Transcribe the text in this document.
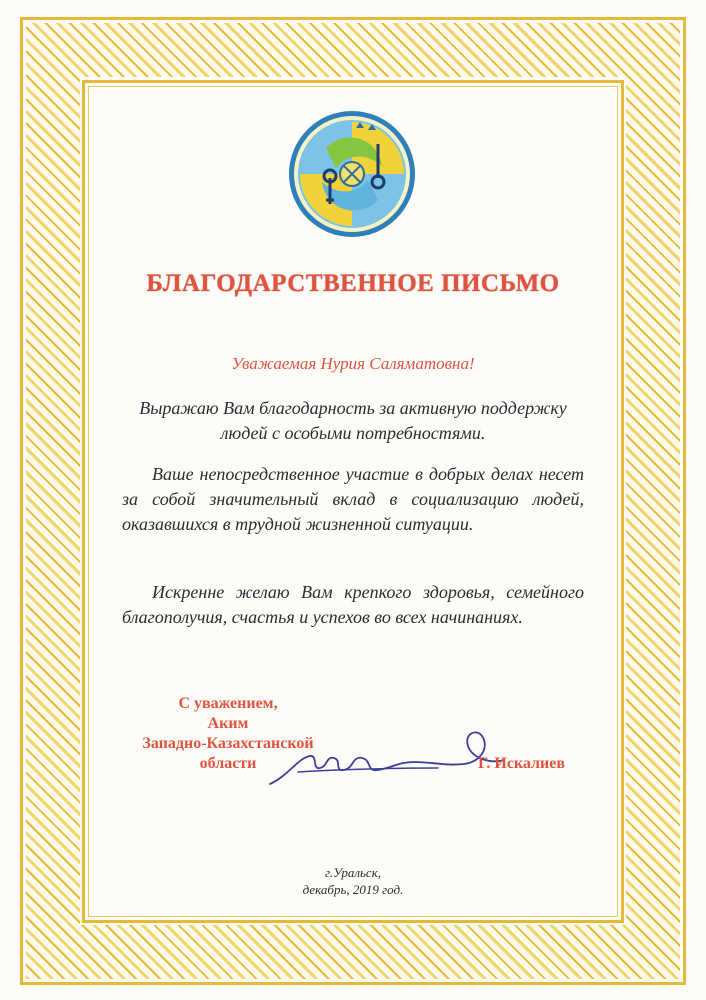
БЛАГОДАРСТВЕННОЕ ПИСЬМО
Уважаемая Нурия Саляматовна!
Выражаю Вам благодарность за активную поддержку людей с особыми потребностями.
Ваше непосредственное участие в добрых делах несет за собой значительный вклад в социализацию людей, оказавшихся в трудной жизненной ситуации.
Искренне желаю Вам крепкого здоровья, семейного благополучия, счастья и успехов во всех начинаниях.
С уважением,
Аким
Западно-Казахстанской
области	Г. Искалиев
г.Уральск,
декабрь, 2019 год.
